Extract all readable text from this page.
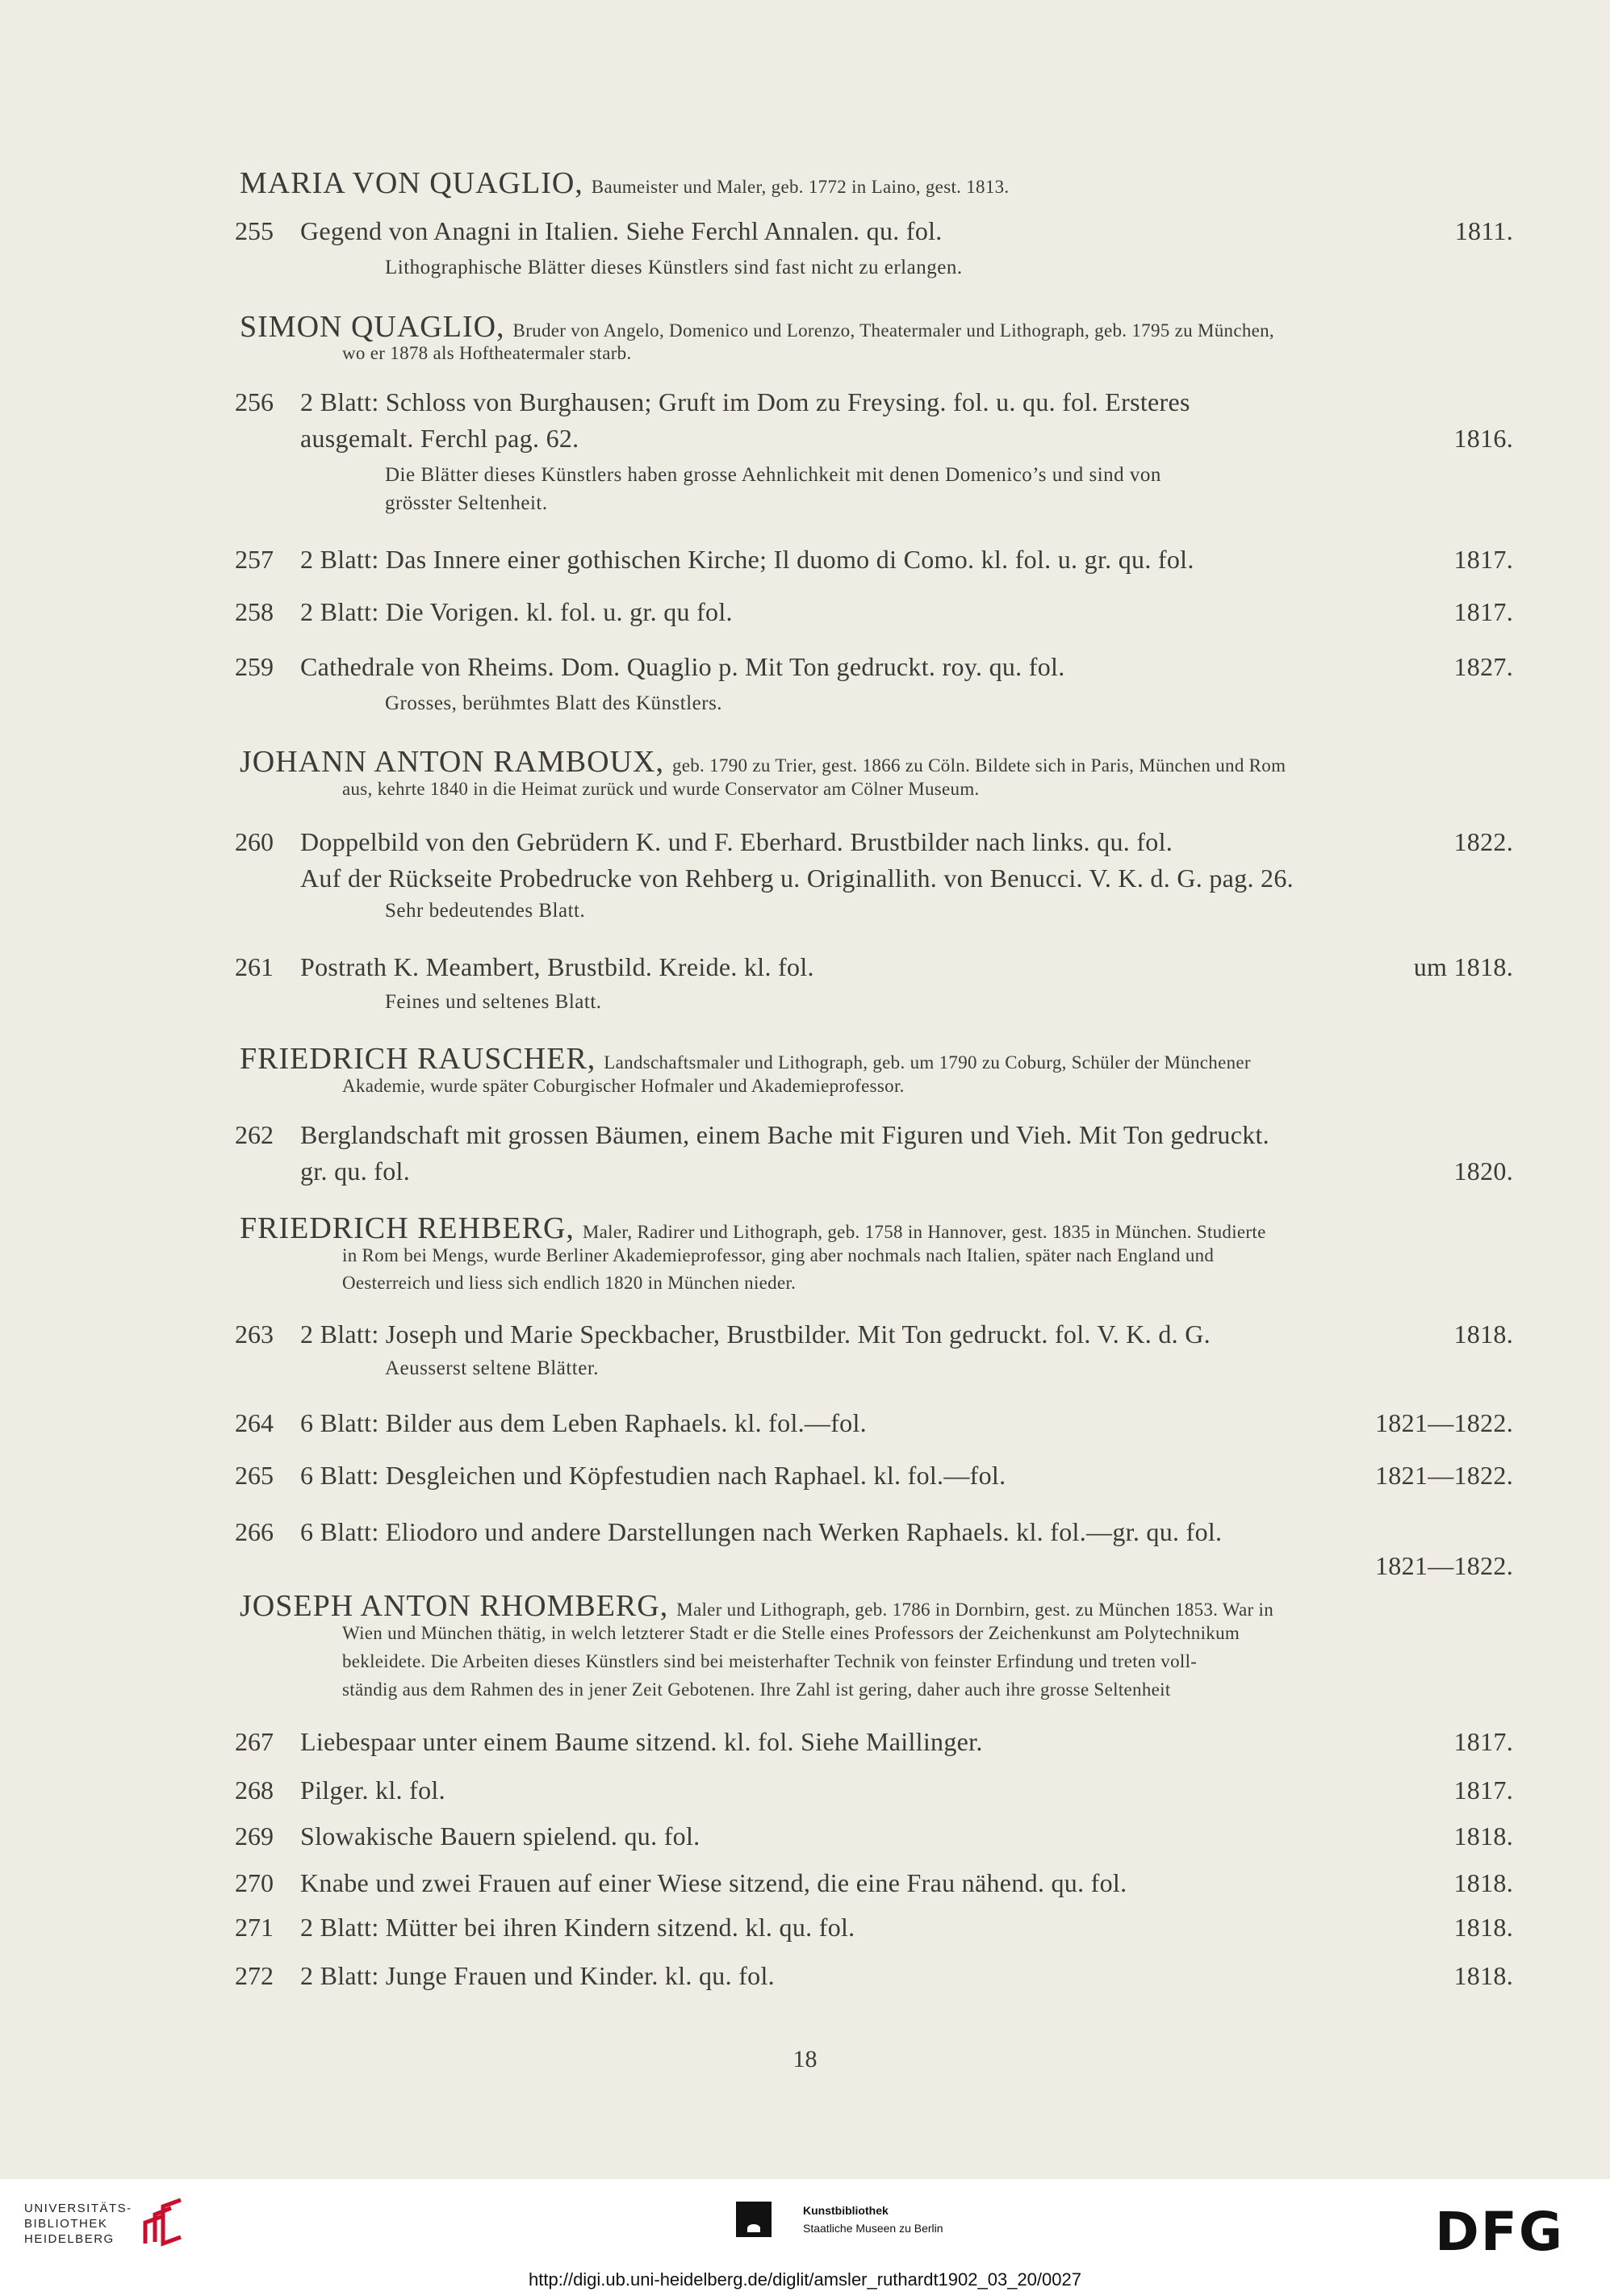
MARIA VON QUAGLIO, Baumeister und Maler, geb. 1772 in Laino, gest. 1813.
255 Gegend von Anagni in Italien. Siehe Ferchl Annalen. qu. fol.	1811.
Lithographische Blätter dieses Künstlers sind fast nicht zu erlangen.
SIMON QUAGLIO, Bruder von Angelo, Domenico und Lorenzo, Theatermaler und Lithograph, geb. 1795 zu München,
wo er 1878 als Hoftheatermaler starb.
256 2 Blatt: Schloss von Burghausen; Gruft im Dom zu Freysing. fol. u. qu. fol. Ersteres
ausgemalt. Ferchl pag. 62.	1816.
Die Blätter dieses Künstlers haben grosse Aehnlichkeit mit denen Domenico’s und sind von
grösster Seltenheit.
257 2 Blatt: Das Innere einer gothischen Kirche; Il duomo di Como. kl. fol. u. gr. qu. fol.	1817.
258 2 Blatt: Die Vorigen. kl. fol. u. gr. qu fol.	1817.
259 Cathedrale von Rheims. Dom. Quaglio p. Mit Ton gedruckt. roy. qu. fol.	1827.
Grosses, berühmtes Blatt des Künstlers.
JOHANN ANTON RAMBOUX, geb. 1790 zu Trier, gest. 1866 zu Cöln. Bildete sich in Paris, München und Rom
aus, kehrte 1840 in die Heimat zurück und wurde Conservator am Cölner Museum.
260 Doppelbild von den Gebrüdern K. und F. Eberhard. Brustbilder nach links. qu. fol.	1822.
Auf der Rückseite Probedrucke von Rehberg u. Originallith. von Benucci. V. K. d. G. pag. 26.
Sehr bedeutendes Blatt.
261 Postrath K. Meambert, Brustbild. Kreide. kl. fol.	um 1818.
Feines und seltenes Blatt.
FRIEDRICH RAUSCHER, Landschaftsmaler und Lithograph, geb. um 1790 zu Coburg, Schüler der Münchener
Akademie, wurde später Coburgischer Hofmaler und Akademieprofessor.
262 Berglandschaft mit grossen Bäumen, einem Bache mit Figuren und Vieh. Mit Ton gedruckt.
gr. qu. fol.	1820.
FRIEDRICH REHBERG, Maler, Radirer und Lithograph, geb. 1758 in Hannover, gest. 1835 in München. Studierte
in Rom bei Mengs, wurde Berliner Akademieprofessor, ging aber nochmals nach Italien, später nach England und
Oesterreich und liess sich endlich 1820 in München nieder.
263 2 Blatt: Joseph und Marie Speckbacher, Brustbilder. Mit Ton gedruckt. fol. V. K. d. G.	1818.
Aeusserst seltene Blätter.
264 6 Blatt: Bilder aus dem Leben Raphaels. kl. fol.—fol.	1821—1822.
265 6 Blatt: Desgleichen und Köpfestudien nach Raphael. kl. fol.—fol.	1821—1822.
266 6 Blatt: Eliodoro und andere Darstellungen nach Werken Raphaels. kl. fol.—gr. qu. fol.
1821—1822.
JOSEPH ANTON RHOMBERG, Maler und Lithograph, geb. 1786 in Dornbirn, gest. zu München 1853. War in
Wien und München thätig, in welch letzterer Stadt er die Stelle eines Professors der Zeichenkunst am Polytechnikum
bekleidete. Die Arbeiten dieses Künstlers sind bei meisterhafter Technik von feinster Erfindung und treten voll-
ständig aus dem Rahmen des in jener Zeit Gebotenen. Ihre Zahl ist gering, daher auch ihre grosse Seltenheit
267 Liebespaar unter einem Baume sitzend. kl. fol. Siehe Maillinger.	1817.
268 Pilger. kl. fol.	1817.
269 Slowakische Bauern spielend. qu. fol.	1818.
270 Knabe und zwei Frauen auf einer Wiese sitzend, die eine Frau nähend. qu. fol.	1818.
271 2 Blatt: Mütter bei ihren Kindern sitzend. kl. qu. fol.	1818.
272 2 Blatt: Junge Frauen und Kinder. kl. qu. fol.	1818.
18
UNIVERSITÄTS-
BIBLIOTHEK
HEIDELBERG
Kunstbibliothek
Staatliche Museen zu Berlin	DFG
http://digi.ub.uni-heidelberg.de/diglit/amsler_ruthardt1902_03_20/0027
